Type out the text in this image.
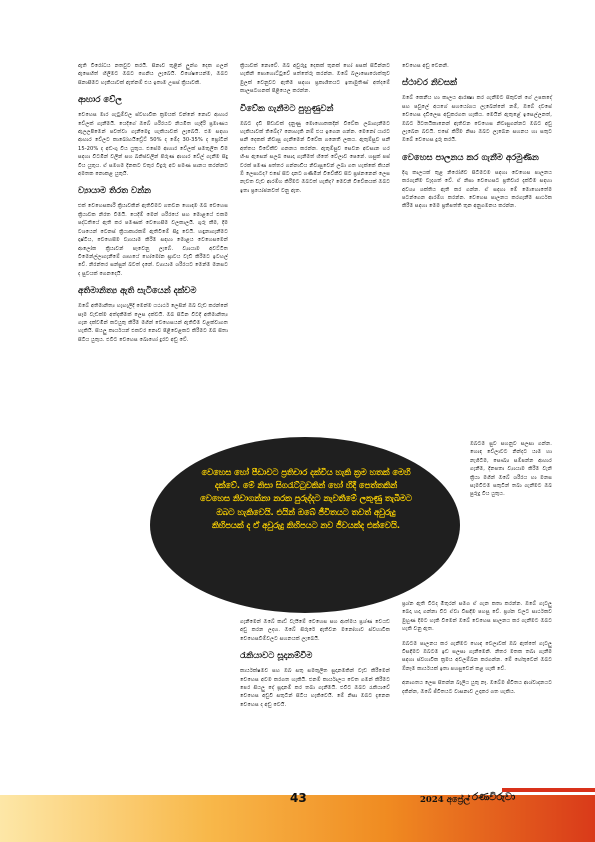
ඇති විරෝධය නතවුට කරයි. සිනාව තුළින් ලුන්ග දෙක ගලන් ඇසෙහිත් හිලිමට ඔබට ගෙනිය ලැබෙයි. විශේෂයෙන්ම, ඔබට සිනාසීමට හැකියාවක් ඇත්නම් එය ඉතාම උසස් ක්‍රියාවකි.

ආහාර වේල

වෙහෙස මාර ගැටුම්වල ස්වභාවික ක්‍රමයක් වන්නේ නොව ආහාර වේලක් ගැනීමයි. යෙදීගේ ඔබේ ශරීරයට නියමිත හැඳිරි ප්‍රමාණය ඇලලපීමෙන් පවත්වා ගැනීමෙදු හැකියාවක් ලැබෙයි. එම සඳහා ආහාර වේලට කාබෝහයිඩ්‍රේට් 50% ද මේද 30-35% ද ප්‍රෝටීන් 15-20% ද අඩංගු විය යුතුය. එසේම ආහාර වේලක් සමතුලිත විම සඳහා විටමින් වලින් සහ ඛනිජවලින් පිරුණ ආහාර වේල් ගැනීම සිදු විය යුතුය. ඒ සමගම දිනකට වතුර වීදුරු අට පමණ පානය කරන්නට අමතක නොකළ යුතුයි.

ව්‍යායාම තිරත වන්න

එක් වෙහෙසකාරී ක්‍රියාවකින් ඇතිවීමට ගතවන හොඳම ඔබ වෙහෙස ක්‍රියාවක නිරත වීමයි. යෙදීම් මෙන් ශරීරයේ සහ මොළයේ එකම පද්ධතියේ ඇති කර පමණක් වෙහෙසීම වලකාලයි. ගුරු කීම, දීම වශයෙන් වෙනස් ක්‍රියාකාරකම් ඇතිවීමේ සිදු වෙයි. හඳුනාගැනීමට දෘෂ්ටිය, වෙහෙසීම ව්‍යායාම කිරීම සඳහා මොළය වෙහෙසමෙන් ආලෝක ක්‍රියාවන් පෑවෙනු ලැබේ. ව්‍යායාම අවට්ටිත වීමෙන්ල්ලාගැනීමේ ගෘහයේ හෝමෝන ස්‍රාවය වැඩි කිරීමට ඉවහල් වේ. නිරන්තර සන්සුන් බවත් දැනේ. ව්‍යායාම ශරීරයට මෙන්ම මනසට ද සුවයක් ගෙනදෙයි.

අතිමානිත්‍ය ඇති සැටියෙන් දක්වම

ඔබේ අතිමානිත්‍ය හැඟැලිදි මෙන්ම යථාර්ථ ලෙසින් ඔබ වැඩ කරන්නේ සෑම වැඩක්ම අත්දැකීමක් ලෙස දක්වයි. ඔබ සිටින විටදී අතිමානිත්‍ය ගැන දක්වමින් කටයුතු කිරීම මගින් වෙහෙසයන් ඇතිවීම වළක්වාගත හැකියි. සියලු කාර්යයන් එකවර නොව පිළිවෙළකට කිරීමට ඔබ සිතා සිටිය යුතුය. එවිට වෙහෙස බොහෝ දුරට අඩු වේ.

ක්‍රියාවක් නොවේ. ඔබ අවුරුදු දෙකක් තුනක් හෝ පසක් සිටින්නට හැකිනි පොහොට්ටුවේ පත්තේරු කරන්න. ඔබේ බලාපොරොත්තුව මුලක් වෙනුවට ඇතිම සඳහා ප්‍රකාශිතයට ඉතාමුතිණ් අත්දමේ කාලසටහනක් පිළියෙල කරන්න.

විවේක ගැනීමට පුහුණුවන්

ඔබට දැඩි පීඩාවක් දැනුණු මොහොතකදීන් විවේක ලබාගැනීමට හැකියාවක් තිබේද? නොහැකි නම් එය ඉගෙන ගන්න. මෙනෝ යාරට ඝනී දෙකක් නිවාසු ගැනීමෙන් විවේක ගනෙතී ලකය. ඇතුම්සුව ඝනී අත්තය විවේකීව ගනනය කරන්න. ඇතුම්සුව සෙවන අවසාන හර හිංස ඇසෙන් සලබ සොදා ගැනීමත් හිතේ වේලාව පෙනේ. හසුක් පස් වරක් පමණ පත්තර ගන්නාඩිය නිවාසුවෙන් ලබා ගත හැක්කේ කියන් ඕ ලෙසාටද? එසේ සිට දානට ගණිමින් විවේකීව සිට ප්‍රජනනෙන් ලෙස නැවත වැඩ ආරම්භ කිරීමට ඔබටත් හැකිද? මෙවනි විවේකයක් ඔබට ඉතා ප්‍රයෝජනවත් වනු ඇත.

ගැනීමෙන් ඔබේ කාඩ් වැයීමේ වෙහෙස සහ ආත්මය ප්‍රශ්ණ වෙයඩ අඩු කරන ලදහ. ඔබේ සිරුරේ ඇතිවන මනෝභාව ස්වභාවික වෙහෙසවීම්වලට සහනයක් ලැබෙයි.

රැකියාවට සූදානම්වීම

කාර්යක්ෂමව සහ ඔබ සතු සමතුලිත සුදානමකින් වැඩ කිරීමෙන් වෙහෙස අවම කරගත හැකියි. එනම් කාර්යාලය වෙත ගමන් කිරීමට පෙර සියලු දේ සූදානම් කර තබා ගැනීමයි. එවිට ඔබට රැකියාවේ වෙහෙස අඩුවී සතුටින් සිටිය හැකිවෙයි. මේ නිසා ඔබට දැනෙන වෙහෙස ද අඩු වෙයි.

වෙහෙස අඩු වෙනනි.

ස්ථාවර නිවසක්

ඔබේ කෙනීය හා කාලය ආරක්‍ෂා කර ගැනීමට සිතුවන් ගේ උපකදේ සහ පවුලේ අයගේ සහයෝගය ලැබෙන්නේ නම්, ඔබේ දවසේ වෙහෙස දැඩිලෙස අඩුකරගත හැකිය. මෙයින් ඇතුළේ ඉසෙල්ලනත්, ඔබට ඊටතයිකානෙන් ඇතිවන වෙහෙස නිවාසුගන්නට ඔබට අඩු ලැබෙන බවයි. එසේ කිරීම නිසා ඔබට ලැබෙන සහනය හා සතුට ඔබේ වෙහෙස දුරු කරයි.

වෙහෙස පාලනය කර ගැනීම අරමුණින

දිගු කාලයක් තුළ නිරෝගීව සිටීමටම සඳහා වෙහෙස පාලනය කරගැනීම වැදගත් වේ. ඒ නිසා වෙහෙසට ප්‍රතිචාර දැක්වීම සඳහා අවශ්‍ය ශක්තිය ඇති කර ගන්න. ඒ සඳහා මේ මොහොතේම පටන්ගෙන ආරම්භ කරන්න. වෙහෙස පාලනය කරගැනීම සාර්ථක කිරීම සඳහා මෙම ප්‍රතිපත්ති තුන අනුගමනය කරන්න.

ඔබටම සුව සහනුව සලසා ගන්න. හොඳ වේලාවට නින්දට යාම හා නැගිටීම, සෞඛ්‍ය සම්පන්න ආහාර ගැනීම, දිනපතා ව්‍යායාම කිරීම වැනි ක්‍රියා මගින් ඔබේ ශරීරය හා මනස සැමවිටම සතුටින් තබා ගැනීමට ඔබ පුරුදු විය යුතුය.

ප්‍රශ්න ඇති විටද මිතුරන් සමග ඒ ගැන කතා කරන්න. ඔබේ ගැටලු බෙදා හදා ගන්නා විට ඒවා විසඳීම පහසු වේ. ප්‍රශ්න වලට සාර්ථකව මුහුණ දීමට හැකි වීමෙන් ඔබේ වෙහෙස පාලනය කර ගැනීමට ඔබට හැකි වනු ඇත.

ඔබටම පාලනය කර ගැනීමට හොඳ වෙලාවක් ඔබ ඇත්තේ ගැටලු විසඳීමට ඔබටම ඉඩ සලසා ගැනීමෙනි. නිතර මතක තබා ගැනීම සඳහා ස්වභාවික ක්‍රමය අවලම්බන කරගන්න. මේ හේතුවෙන් ඔබට ඕනෑම කාර්යයක් ඉතා පහසුවෙන් කළ හැකි වේ.

අනාගතය ලෙස සිතන්න බැලිය යුතු නෑ. ඔබේම ජීවිතය ආශ්වාදනයට දකින්න, ඔබේ ජීවිතයට වාසනාව උදාකර ගත හැකිය.

වෙහෙස හෝ පීඩාවට ප්‍රතිචාර දක්වීය හැකි ක්‍රම හතක් මෙහි දක්වේ. මේ නිසා සිගරැට්ටුවකින් හෝ හිදී පෙත්තකින් වෙහෙස නිවාගන්නා නරක පුරුද්දට නැවතීමේ ලකුණු තැබීමට ඔබට හැකිවෙයි. එයින් ඔබේ ජීවිතයට තවත් අවුරුදු කිහිපයක් ද ඒ අවුරුදු කිහිපයට නව ජීවයක්ද එක්වෙයි.
43	2024 අප්‍රේල් රණවිරුවා
